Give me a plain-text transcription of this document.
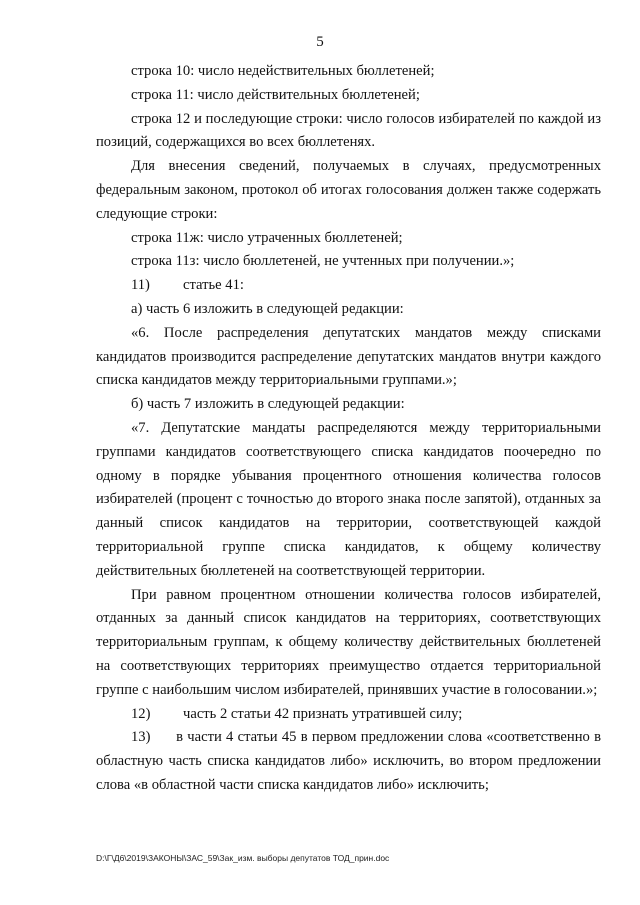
5

строка 10: число недействительных бюллетеней;

строка 11: число действительных бюллетеней;

строка 12 и последующие строки: число голосов избирателей по каждой из позиций, содержащихся во всех бюллетенях.

Для внесения сведений, получаемых в случаях, предусмотренных федеральным законом, протокол об итогах голосования должен также содержать следующие строки:

строка 11ж: число утраченных бюллетеней;

строка 11з: число бюллетеней, не учтенных при получении.»;

11)	статье 41:

а) часть 6 изложить в следующей редакции:

«6. После распределения депутатских мандатов между списками кандидатов производится распределение депутатских мандатов внутри каждого списка кандидатов между территориальными группами.»;

б) часть 7 изложить в следующей редакции:

«7. Депутатские мандаты распределяются между территориальными группами кандидатов соответствующего списка кандидатов поочередно по одному в порядке убывания процентного отношения количества голосов избирателей (процент с точностью до второго знака после запятой), отданных за данный список кандидатов на территории, соответствующей каждой территориальной группе списка кандидатов, к общему количеству действительных бюллетеней на соответствующей территории.

При равном процентном отношении количества голосов избирателей, отданных за данный список кандидатов на территориях, соответствующих территориальным группам, к общему количеству действительных бюллетеней на соответствующих территориях преимущество отдается территориальной группе с наибольшим числом избирателей, принявших участие в голосовании.»;

12)	часть 2 статьи 42 признать утратившей силу;

13) в части 4 статьи 45 в первом предложении слова «соответственно в областную часть списка кандидатов либо» исключить, во втором предложении слова «в областной части списка кандидатов либо» исключить;

D:\Г\Д6\2019\ЗАКОНЫ\ЗАС_59\Зак_изм. выборы депутатов ТОД_прин.doc
